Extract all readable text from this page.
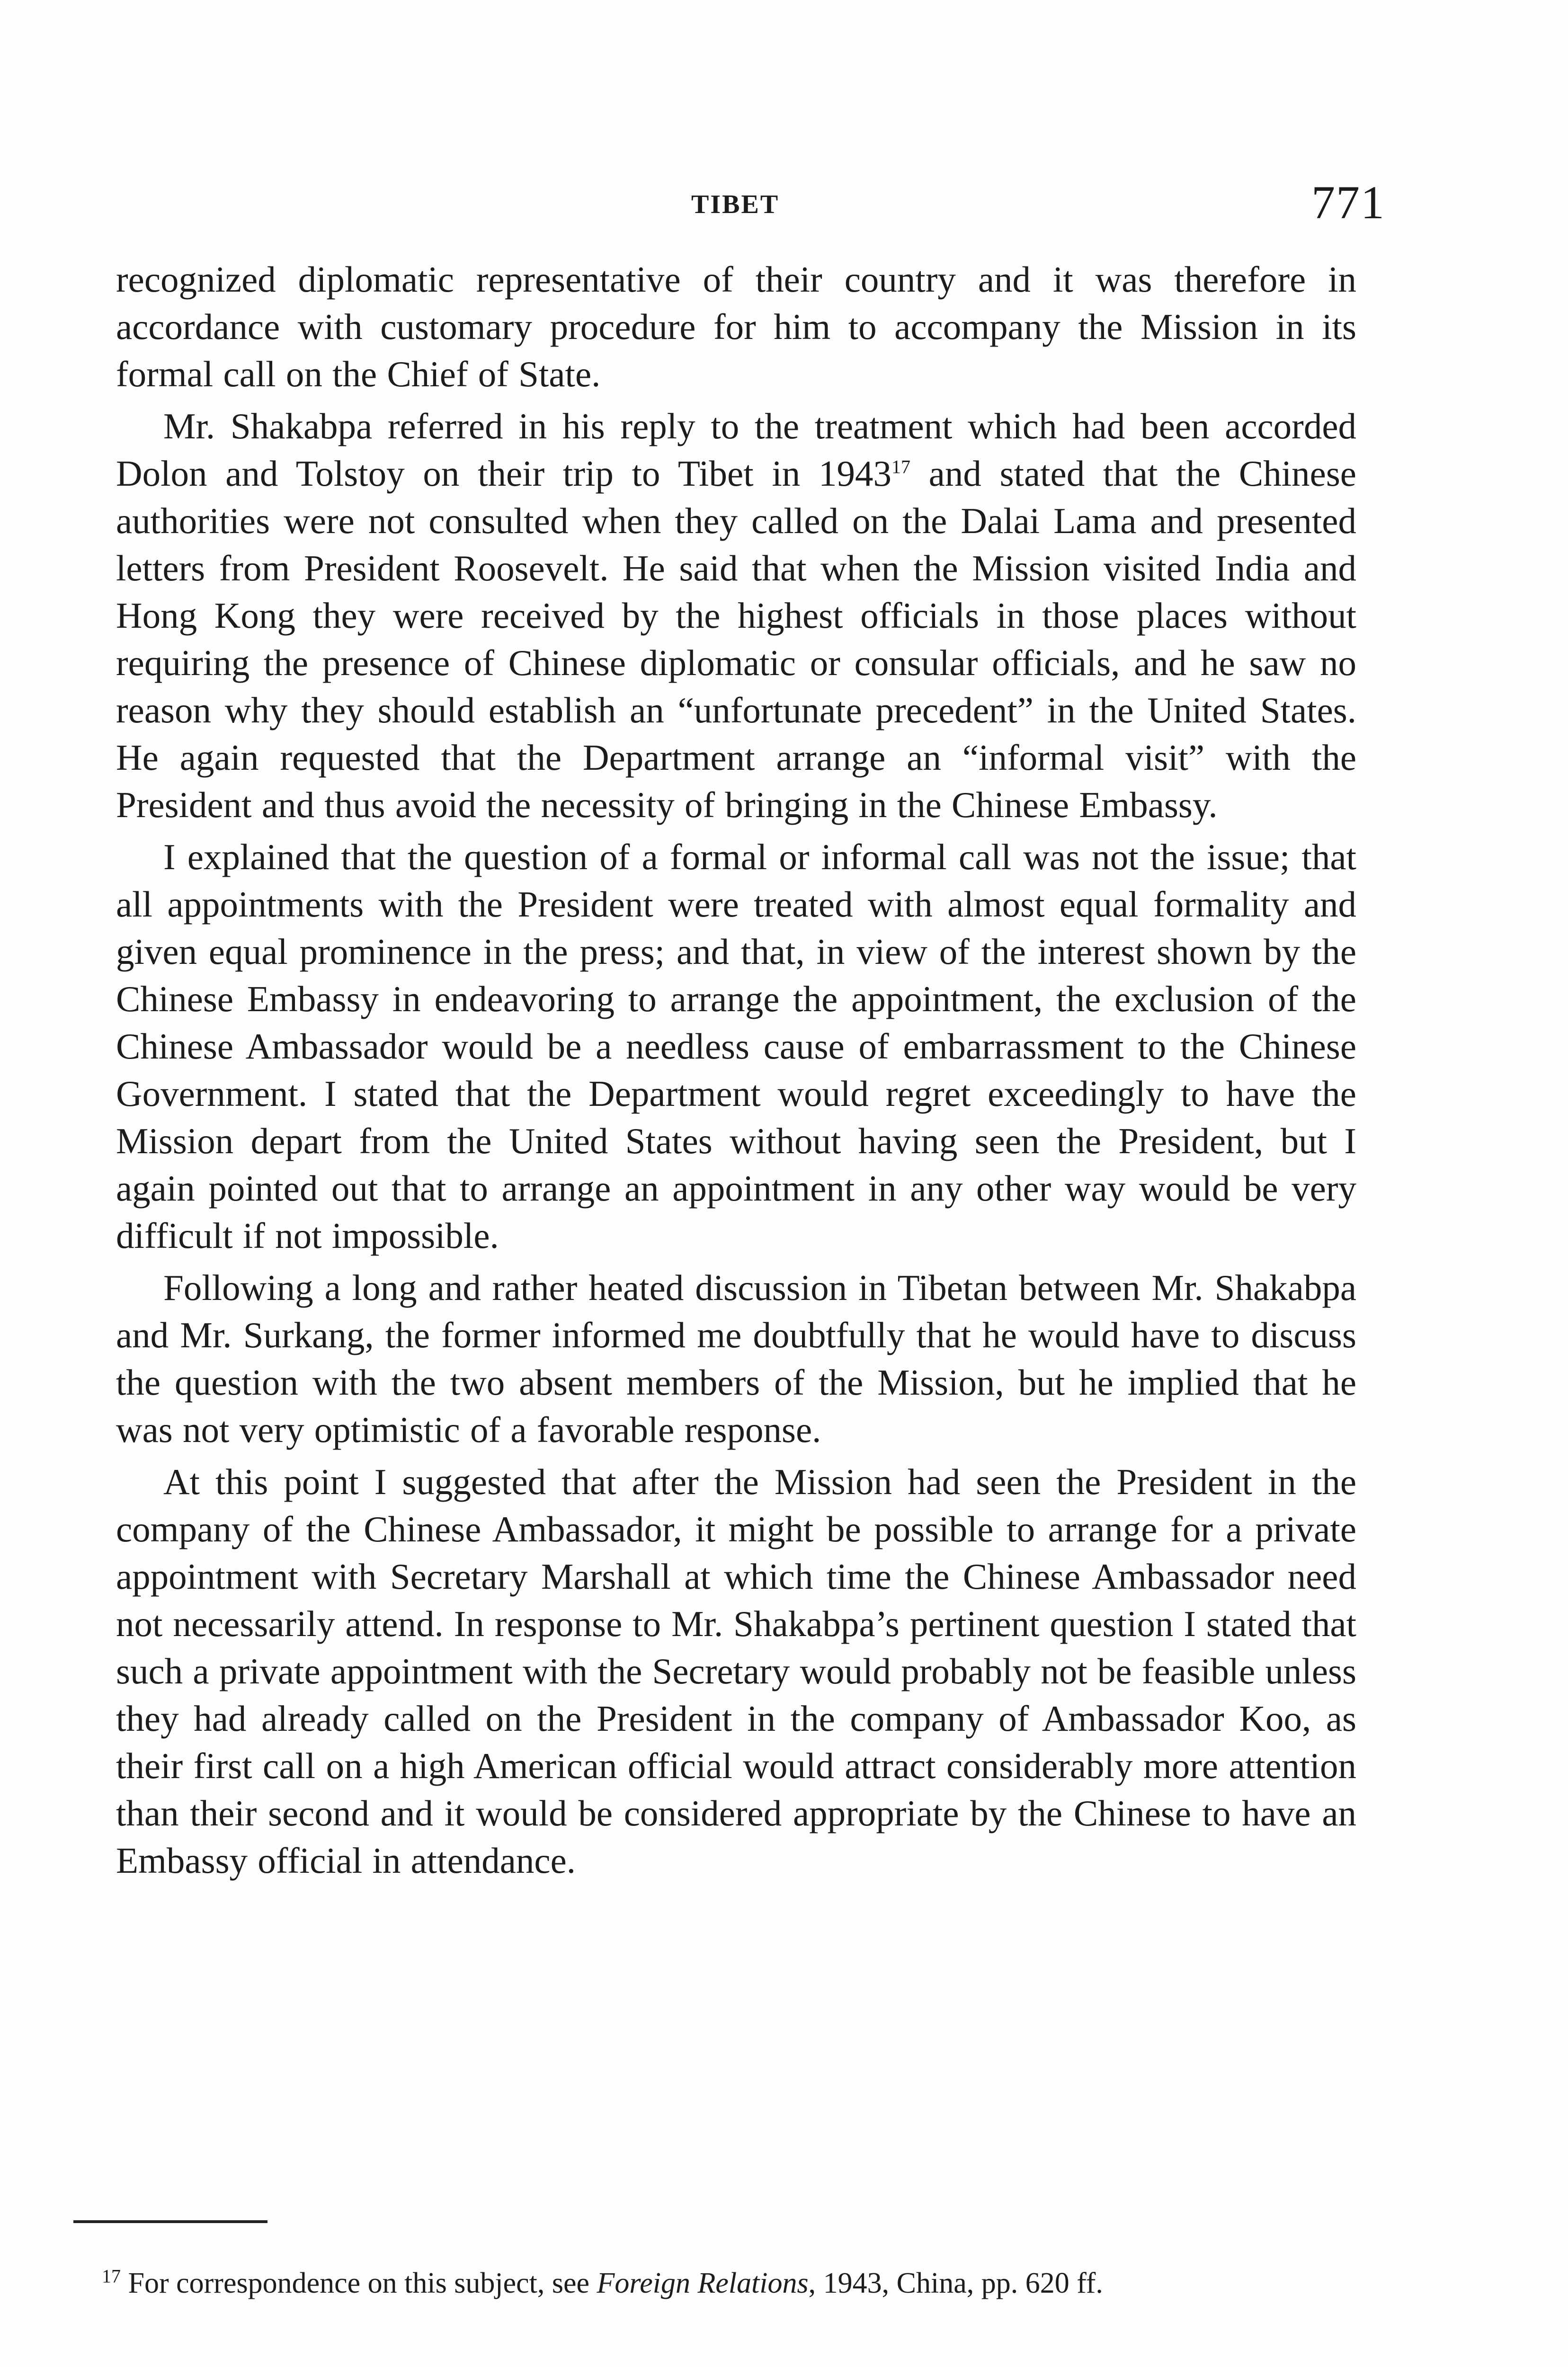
TIBET	771

recognized diplomatic representative of their country and it was therefore in accordance with customary procedure for him to accompany the Mission in its formal call on the Chief of State.

Mr. Shakabpa referred in his reply to the treatment which had been accorded Dolon and Tolstoy on their trip to Tibet in 1943$^{17}$ and stated that the Chinese authorities were not consulted when they called on the Dalai Lama and presented letters from President Roosevelt. He said that when the Mission visited India and Hong Kong they were received by the highest officials in those places without requiring the presence of Chinese diplomatic or consular officials, and he saw no reason why they should establish an “unfortunate precedent” in the United States. He again requested that the Department arrange an “informal visit” with the President and thus avoid the necessity of bringing in the Chinese Embassy.

I explained that the question of a formal or informal call was not the issue; that all appointments with the President were treated with almost equal formality and given equal prominence in the press; and that, in view of the interest shown by the Chinese Embassy in endeavoring to arrange the appointment, the exclusion of the Chinese Ambassador would be a needless cause of embarrassment to the Chinese Government. I stated that the Department would regret exceedingly to have the Mission depart from the United States without having seen the President, but I again pointed out that to arrange an appointment in any other way would be very difficult if not impossible.

Following a long and rather heated discussion in Tibetan between Mr. Shakabpa and Mr. Surkang, the former informed me doubtfully that he would have to discuss the question with the two absent members of the Mission, but he implied that he was not very optimistic of a favorable response.

At this point I suggested that after the Mission had seen the President in the company of the Chinese Ambassador, it might be possible to arrange for a private appointment with Secretary Marshall at which time the Chinese Ambassador need not necessarily attend. In response to Mr. Shakabpa’s pertinent question I stated that such a private appointment with the Secretary would probably not be feasible unless they had already called on the President in the company of Ambassador Koo, as their first call on a high American official would attract considerably more attention than their second and it would be considered appropriate by the Chinese to have an Embassy official in attendance.

$^{17}$ For correspondence on this subject, see Foreign Relations, 1943, China, pp. 620 ff.
